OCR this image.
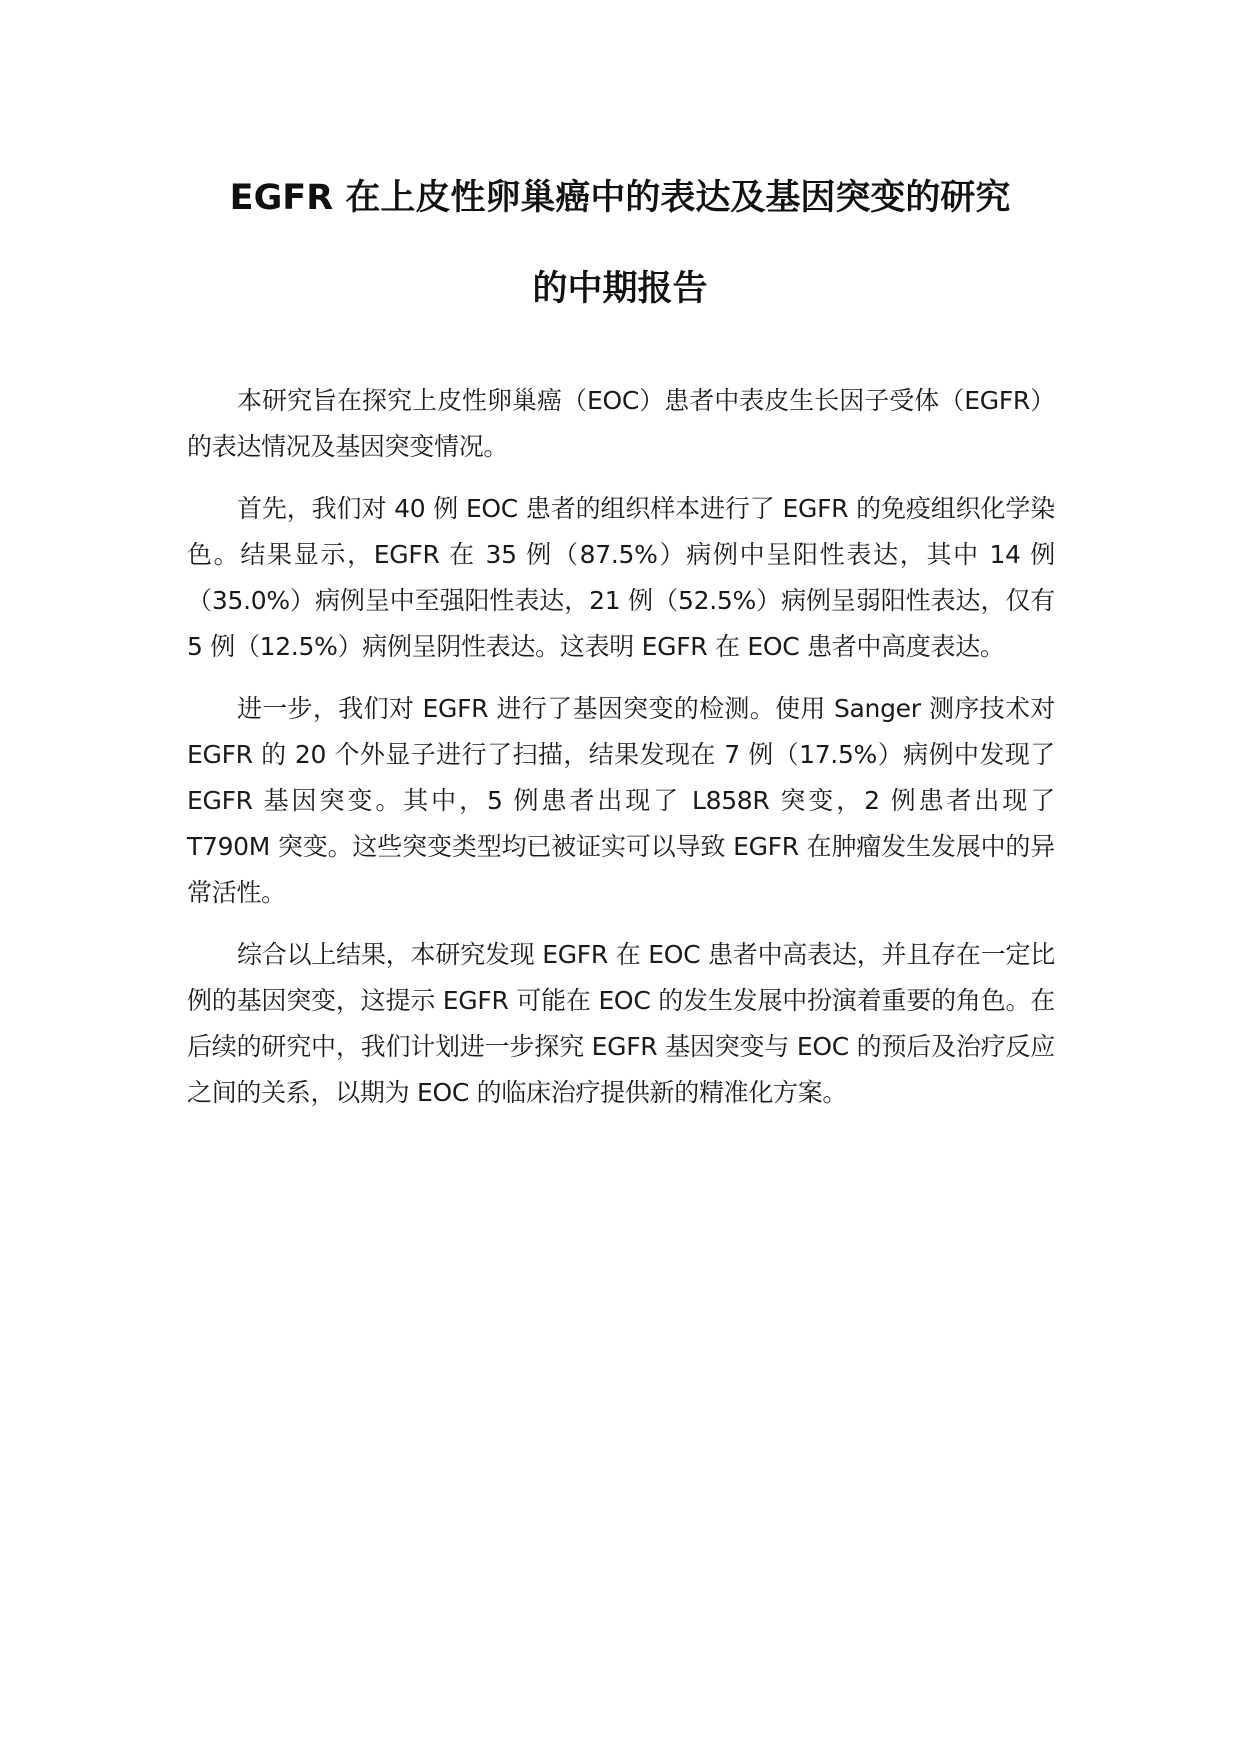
EGFR 在上皮性卵巢癌中的表达及基因突变的研究

的中期报告

本研究旨在探究上皮性卵巢癌（EOC）患者中表皮生长因子受体（EGFR）的表达情况及基因突变情况。

首先，我们对 40 例 EOC 患者的组织样本进行了 EGFR 的免疫组织化学染色。结果显示，EGFR 在 35 例（87.5%）病例中呈阳性表达，其中 14 例（35.0%）病例呈中至强阳性表达，21 例（52.5%）病例呈弱阳性表达，仅有 5 例（12.5%）病例呈阴性表达。这表明 EGFR 在 EOC 患者中高度表达。

进一步，我们对 EGFR 进行了基因突变的检测。使用 Sanger 测序技术对 EGFR 的 20 个外显子进行了扫描，结果发现在 7 例（17.5%）病例中发现了 EGFR 基因突变。其中，5 例患者出现了 L858R 突变，2 例患者出现了 T790M 突变。这些突变类型均已被证实可以导致 EGFR 在肿瘤发生发展中的异常活性。

综合以上结果，本研究发现 EGFR 在 EOC 患者中高表达，并且存在一定比例的基因突变，这提示 EGFR 可能在 EOC 的发生发展中扮演着重要的角色。在后续的研究中，我们计划进一步探究 EGFR 基因突变与 EOC 的预后及治疗反应之间的关系，以期为 EOC 的临床治疗提供新的精准化方案。
